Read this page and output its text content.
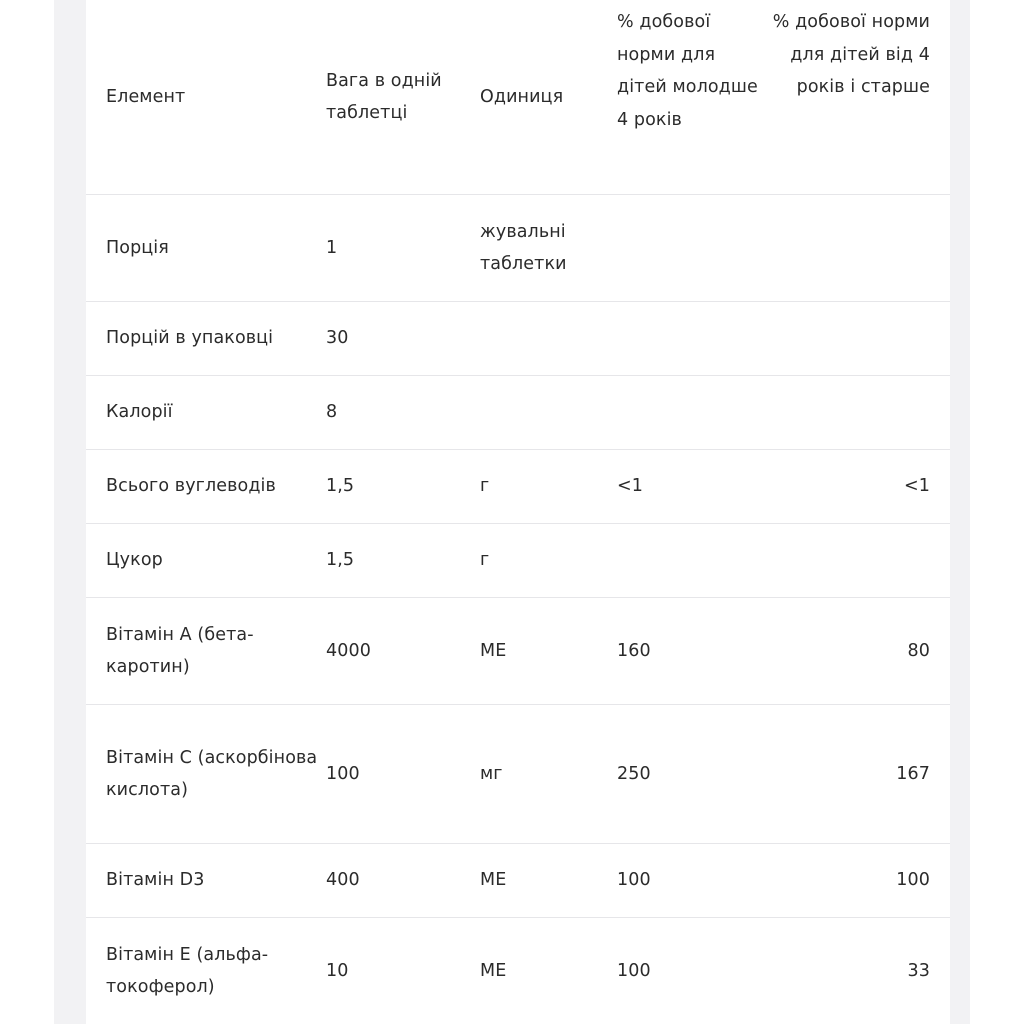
Елемент	Вага в одній таблетці	Одиниця	% добової норми для дітей молодше 4 років	% добової норми для дітей від 4 років і старше
Порція	1	жувальні таблетки		
Порцій в упаковці	30			
Калорії	8			
Всього вуглеводів	1,5	г	<1	<1
Цукор	1,5	г		
Вітамін A (бета-каротин)	4000	МЕ	160	80
Вітамін C (аскорбінова кислота)	100	мг	250	167
Вітамін D3	400	МЕ	100	100
Вітамін E (альфа-токоферол)	10	МЕ	100	33
